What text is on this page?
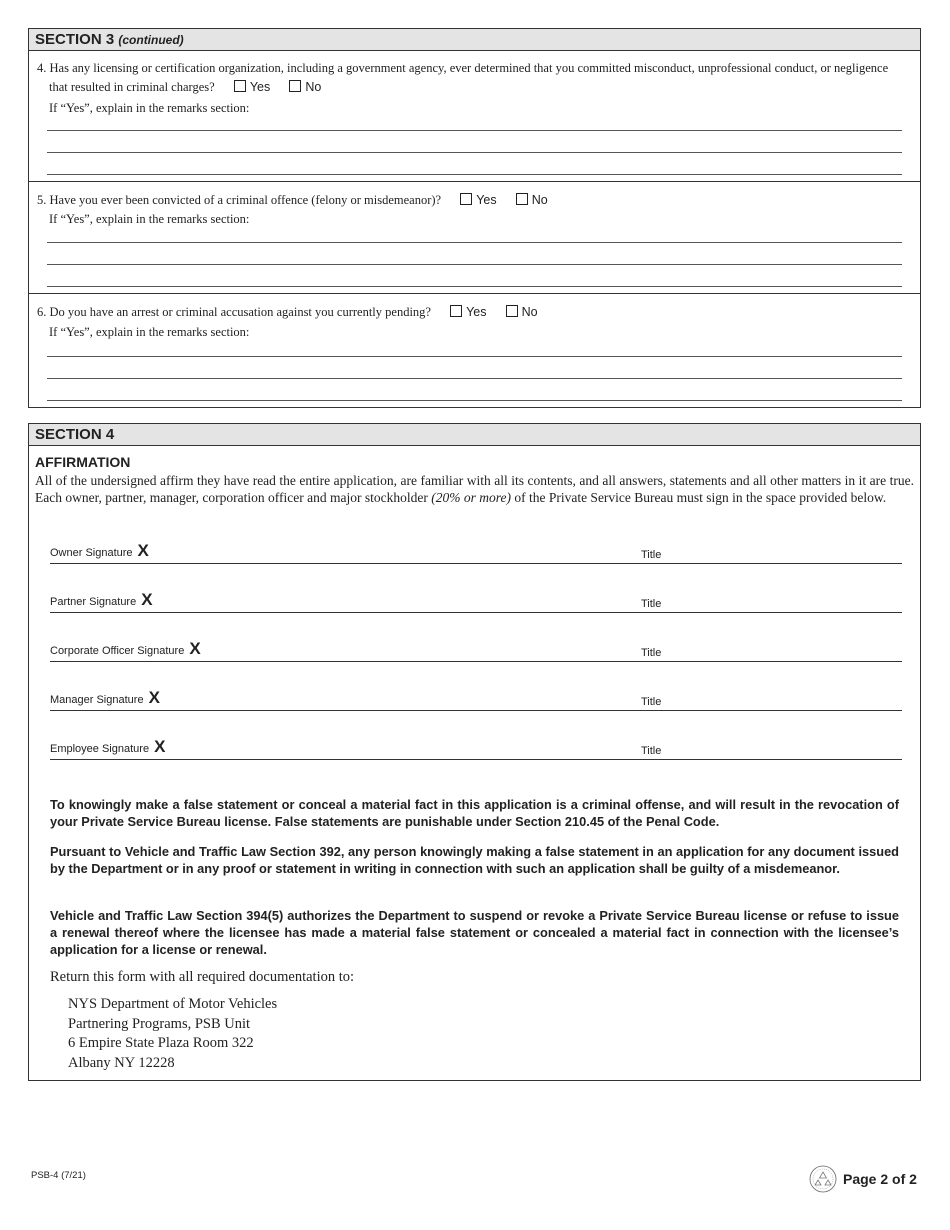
SECTION 3 (continued)
4. Has any licensing or certification organization, including a government agency, ever determined that you committed misconduct, unprofessional conduct, or negligence
that resulted in criminal charges?	Yes	No
If “Yes”, explain in the remarks section:
5. Have you ever been convicted of a criminal offence (felony or misdemeanor)?	Yes	No
If “Yes”, explain in the remarks section:
6. Do you have an arrest or criminal accusation against you currently pending?	Yes	No
If “Yes”, explain in the remarks section:
SECTION 4
AFFIRMATION
All of the undersigned affirm they have read the entire application, are familiar with all its contents, and all answers, statements and all other matters in it are true. Each owner, partner, manager, corporation officer and major stockholder (20% or more) of the Private Service Bureau must sign in the space provided below.
Owner Signature X	Title
Partner Signature X	Title
Corporate Officer Signature X	Title
Manager Signature X	Title
Employee Signature X	Title
To knowingly make a false statement or conceal a material fact in this application is a criminal offense, and will result in the revocation of your Private Service Bureau license. False statements are punishable under Section 210.45 of the Penal Code.
Pursuant to Vehicle and Traffic Law Section 392, any person knowingly making a false statement in an application for any document issued by the Department or in any proof or statement in writing in connection with such an application shall be guilty of a misdemeanor.
Vehicle and Traffic Law Section 394(5) authorizes the Department to suspend or revoke a Private Service Bureau license or refuse to issue a renewal thereof where the licensee has made a material false statement or concealed a material fact in connection with the licensee’s application for a license or renewal.
Return this form with all required documentation to:
NYS Department of Motor Vehicles
Partnering Programs, PSB Unit
6 Empire State Plaza Room 322
Albany NY 12228
PSB-4 (7/21)	Page 2 of 2
